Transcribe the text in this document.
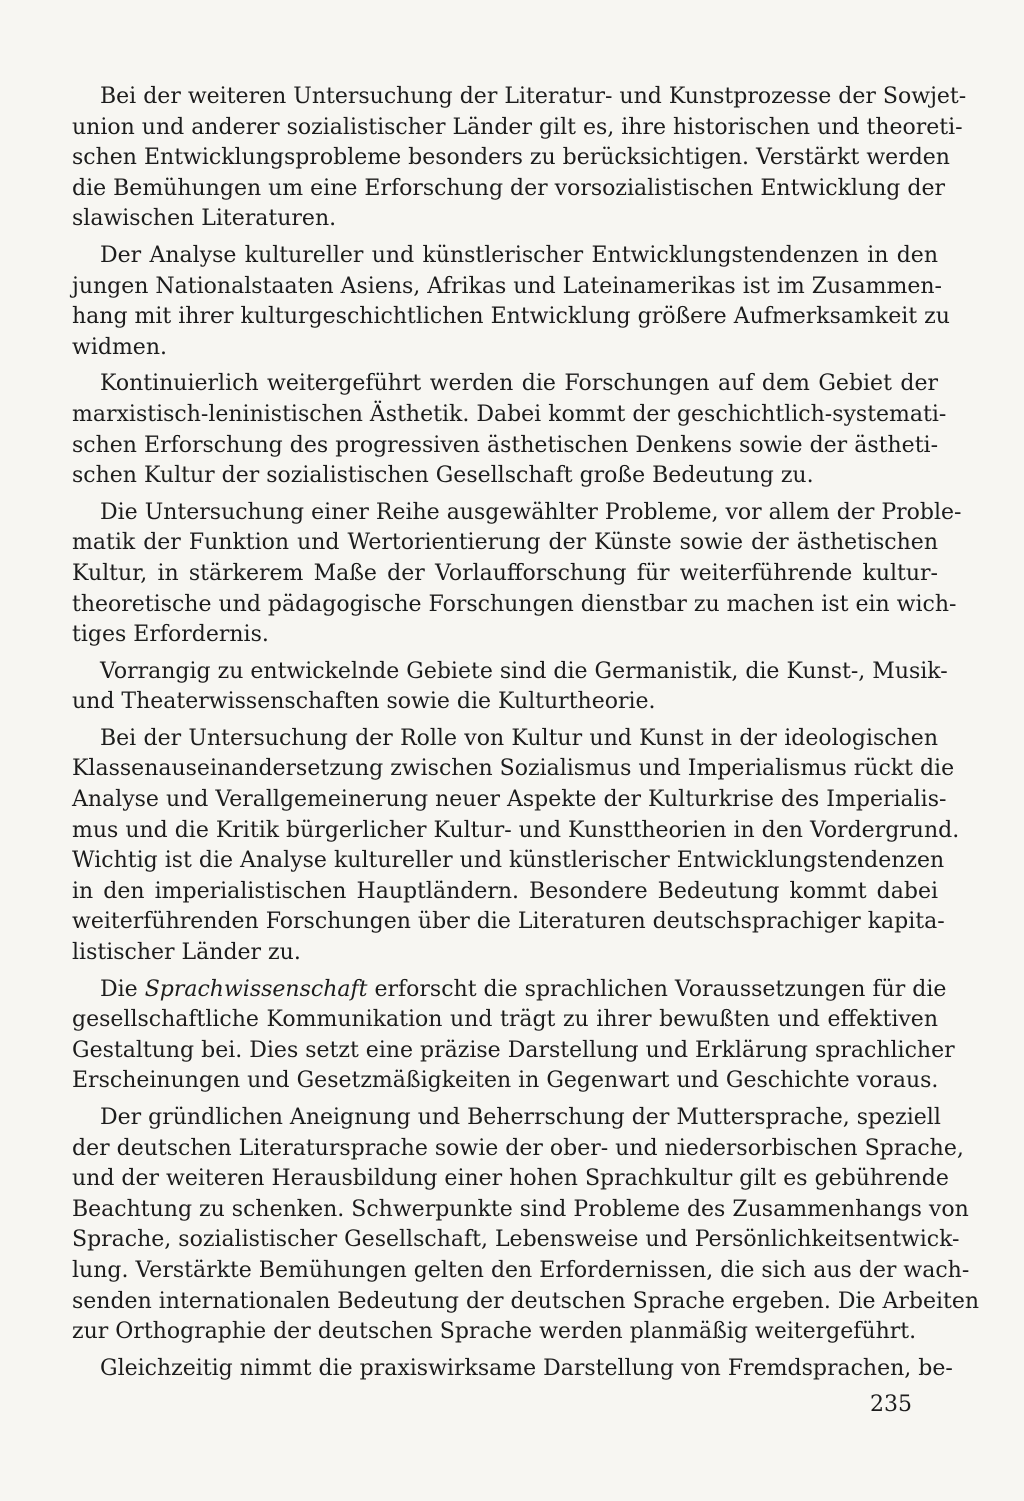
Bei der weiteren Untersuchung der Literatur- und Kunstprozesse der Sowjet-
union und anderer sozialistischer Länder gilt es, ihre historischen und theoreti-
schen Entwicklungsprobleme besonders zu berücksichtigen. Verstärkt werden
die Bemühungen um eine Erforschung der vorsozialistischen Entwicklung der
slawischen Literaturen.
Der Analyse kultureller und künstlerischer Entwicklungstendenzen in den
jungen Nationalstaaten Asiens, Afrikas und Lateinamerikas ist im Zusammen-
hang mit ihrer kulturgeschichtlichen Entwicklung größere Aufmerksamkeit zu
widmen.
Kontinuierlich weitergeführt werden die Forschungen auf dem Gebiet der
marxistisch-leninistischen Ästhetik. Dabei kommt der geschichtlich-systemati-
schen Erforschung des progressiven ästhetischen Denkens sowie der ästheti-
schen Kultur der sozialistischen Gesellschaft große Bedeutung zu.
Die Untersuchung einer Reihe ausgewählter Probleme, vor allem der Proble-
matik der Funktion und Wertorientierung der Künste sowie der ästhetischen
Kultur, in stärkerem Maße der Vorlaufforschung für weiterführende kultur-
theoretische und pädagogische Forschungen dienstbar zu machen ist ein wich-
tiges Erfordernis.
Vorrangig zu entwickelnde Gebiete sind die Germanistik, die Kunst-, Musik-
und Theaterwissenschaften sowie die Kulturtheorie.
Bei der Untersuchung der Rolle von Kultur und Kunst in der ideologischen
Klassenauseinandersetzung zwischen Sozialismus und Imperialismus rückt die
Analyse und Verallgemeinerung neuer Aspekte der Kulturkrise des Imperialis-
mus und die Kritik bürgerlicher Kultur- und Kunsttheorien in den Vordergrund.
Wichtig ist die Analyse kultureller und künstlerischer Entwicklungstendenzen
in den imperialistischen Hauptländern. Besondere Bedeutung kommt dabei
weiterführenden Forschungen über die Literaturen deutschsprachiger kapita-
listischer Länder zu.
Die Sprachwissenschaft erforscht die sprachlichen Voraussetzungen für die
gesellschaftliche Kommunikation und trägt zu ihrer bewußten und effektiven
Gestaltung bei. Dies setzt eine präzise Darstellung und Erklärung sprachlicher
Erscheinungen und Gesetzmäßigkeiten in Gegenwart und Geschichte voraus.
Der gründlichen Aneignung und Beherrschung der Muttersprache, speziell
der deutschen Literatursprache sowie der ober- und niedersorbischen Sprache,
und der weiteren Herausbildung einer hohen Sprachkultur gilt es gebührende
Beachtung zu schenken. Schwerpunkte sind Probleme des Zusammenhangs von
Sprache, sozialistischer Gesellschaft, Lebensweise und Persönlichkeitsentwick-
lung. Verstärkte Bemühungen gelten den Erfordernissen, die sich aus der wach-
senden internationalen Bedeutung der deutschen Sprache ergeben. Die Arbeiten
zur Orthographie der deutschen Sprache werden planmäßig weitergeführt.
Gleichzeitig nimmt die praxiswirksame Darstellung von Fremdsprachen, be-
235
